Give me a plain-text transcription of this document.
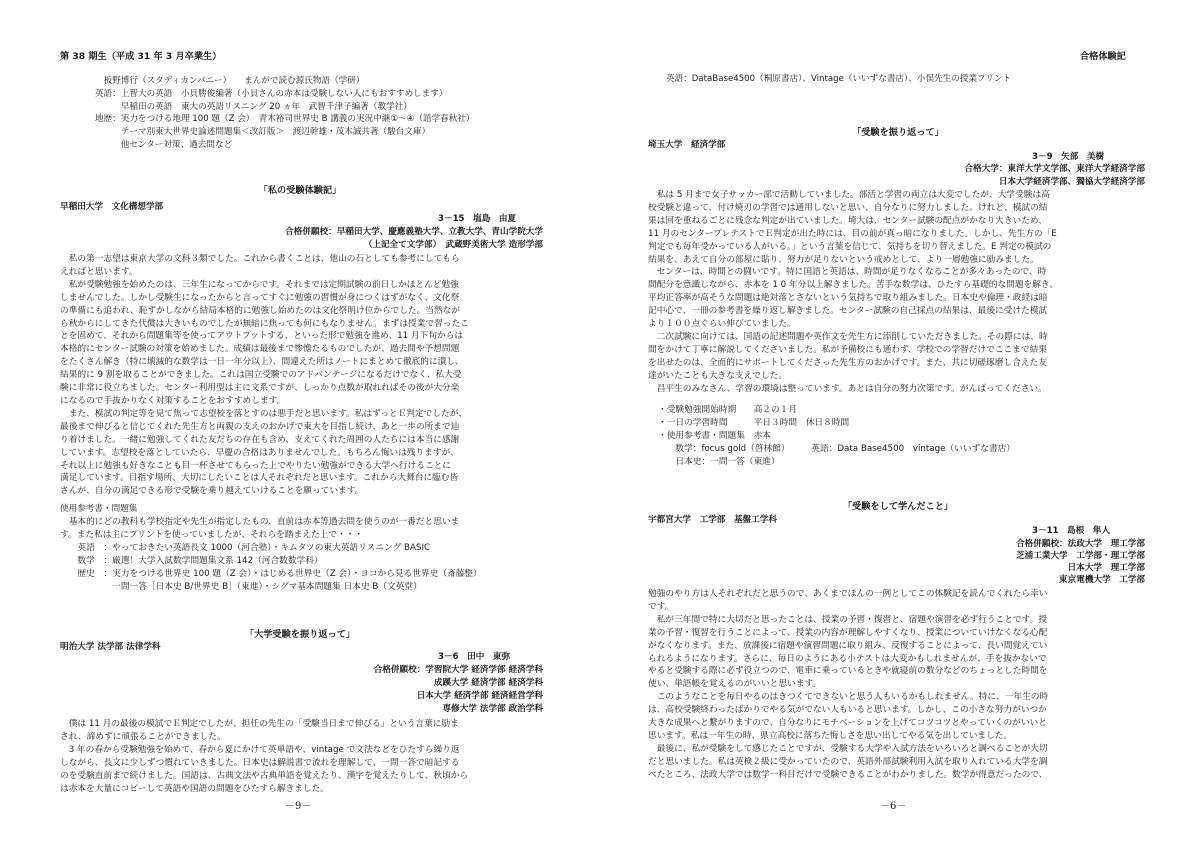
第 38 期生（平成 31 年 3 月卒業生）
　板野博行（スタディカンパニー）　　まんがで読む源氏物語（学研）
英語：上智大の英語　小貝勝俊編著（小貝さんの赤本は受験しない人にもおすすめします）
　　　早稲田の英語　東大の英語リスニング 20 ヵ年　武智千津子編著（教学社）
地歴：実力をつける地理 100 題（Z 会）　青木裕司世界史 B 講義の実況中継①～④（語学春秋社）
　　　テーマ別東大世界史論述問題集＜改訂版＞　渡辺幹雄・茂木誠共著（駿台文庫）
　　　他センター対策、過去問など
「私の受験体験記」
早稲田大学　文化構想学部
3－15　塩島　由夏
合格併願校：早稲田大学、慶應義塾大学、立教大学、青山学院大学
（上記全て文学部）　武蔵野美術大学 造形学部
　私の第一志望は東京大学の文科３類でした。これから書くことは、他山の石としても参考にしてもら
えればと思います。
　私が受験勉強を始めたのは、三年生になってからです。それまでは定期試験の前日しかほとんど勉強
しませんでした。しかし受験生になったからと言ってすぐに勉強の習慣が身につくはずがなく、文化祭
の準備にも追われ、恥ずかしながら結局本格的に勉強し始めたのは文化祭明け位からでした。当然なが
ら秋からにしてきた代償は大きいものでしたが無暗に焦っても何にもなりません。まずは授業で習ったこ
とを固めて、それから問題集等を使ってアウトプットする、といった形で勉強を進め、11 月下旬からは
本格的にセンター試験の対策を始めました。成績は最後まで惨憺たるものでしたが、過去問や予想問題
をたくさん解き（特に壊滅的な数学は一日一年分以上）、間違えた所はノートにまとめて徹底的に潰し、
結果的に 9 割を取ることができました。これは国立受験でのアドバンテージになるだけでなく、私大受
験に非常に役立ちました。センター利用型は主に文系ですが、しっかり点数が取れればその後が大分楽
になるので手抜かりなく対策することをおすすめします。
　また、模試の判定等を見て焦って志望校を落とすのは悪手だと思います。私はずっとＥ判定でしたが、
最後まで伸びると信じてくれた先生方と両親の支えのおかげで東大を目指し続け、あと一歩の所まで辿
り着けました。一緒に勉強してくれた友だちの存在も含め、支えてくれた周囲の人たちには本当に感謝
しています。志望校を落としていたら、早慶の合格はありませんでした。もちろん悔いは残りますが、
それ以上に勉強も好きなことも目一杯させてもらった上でやりたい勉強ができる大学へ行けることに
満足しています。目指す場所、大切にしたいことは人それぞれだと思います。これから大舞台に臨む皆
さんが、自分の満足できる形で受験を乗り越えていけることを願っています。
使用参考書・問題集
　基本的にどの教科も学校指定や先生が指定したもの、直前は赤本等過去問を使うのが一番だと思いま
す。また私は主にプリントを使っていましたが、それらを踏まえた上で・・・
　　英語　：やっておきたい英語長文 1000（河合塾）・キムタツの東大英語リスニング BASIC
　　数学　：厳選！大学入試数学問題集文系 142（河合数数学科）
　　歴史　：実力をつける世界史 100 題（Z 会）・はじめる世界史（Z 会）・ヨコから見る世界史（斎藤整）
　　　　　　一問一答［日本史 B/世界史 B］（東進）・シグマ基本問題集 日本史 B（文英堂）
「大学受験を振り返って」
明治大学 法学部 法律学科
3－6　田中　東弥
合格併願校：学習院大学 経済学部 経済学科
成蹊大学 経済学部 経済学科
日本大学 経済学部 経済経営学科
専修大学 法学部 政治学科
　僕は 11 月の最後の模試でＥ判定でしたが、担任の先生の「受験当日まで伸びる」という言葉に励ま
され、諦めずに頑張ることができました。
　3 年の春から受験勉強を始めて、春から夏にかけて英単語や、vintage で文法などをひたすら繰り返
しながら、長文に少しずつ慣れていきました。日本史は解説書で流れを理解して、一問一答で暗記する
のを受験直前まで続けました。国語は、古典文法や古典単語を覚えたり、漢字を覚えたりして、秋頃から
は赤本を大量にコピーして英語や国語の問題をひたすら解きました。
－9－
合格体験記
英語：DataBase4500（桐原書店）、Vintage（いいずな書店）、小俣先生の授業プリント
「受験を振り返って」
埼玉大学　経済学部
3－9　矢部　美樹
合格大学：東洋大学文学部、東洋大学経済学部
日本大学経済学部、獨協大学経済学部
　私は 5 月まで女子サッカー部で活動していました。部活と学習の両立は大変でしたが、大学受験は高
校受験と違って、付け焼刃の学習では通用しないと思い、自分なりに努力しました。けれど、模試の結
果は回を重ねるごとに残念な判定が出ていました。埼大は、センター試験の配点がかなり大きいため、
11 月のセンタープレテストでＥ判定が出た時には、目の前が真っ暗になりました。しかし、先生方の「E
判定でも毎年受かっている人がいる。」という言葉を信じて、気持ちを切り替えました。E 判定の模試の
結果を、あえて自分の部屋に貼り、努力が足りないという戒めとして、より一層勉強に励みました。
　センターは、時間との闘いです。特に国語と英語は、時間が足りなくなることが多々あったので、時
間配分を意識しながら、赤本を 1 0 年分以上解きました。苦手な数学は、ひたすら基礎的な問題を解き、
平均正答率が高そうな問題は絶対落とさないという気持ちで取り組みました。日本史や倫理・政経は暗
記中心で、一冊の参考書を繰り返し解きました。センター試験の自己採点の結果は、最後に受けた模試
より１００点ぐらい伸びていました。
　二次試験に向けては、国語の記述問題や英作文を先生方に添削していただきました。その際には、時
間をかけて丁寧に解説してくださいました。私が予備校にも通わず、学校での学習だけでここまで結果
を出せたのは、全面的にサポートしてくださった先生方のおかげです。また、共に切磋琢磨し合えた友
達がいたことも大きな支えでした。
　昌平生のみなさん、学習の環境は整っています。あとは自分の努力次第です。がんばってください。
・受験勉強開始時期　　高２の１月
・一日の学習時間　　　平日３時間　休日８時間
・使用参考書・問題集　赤本
　　数学：focus gold（啓林館）　　　英語：Data Base4500　vintage（いいずな書店）
　　日本史：一問一答（東進）
「受験をして学んだこと」
宇都宮大学　工学部　基盤工学科
3－11　島根　隼人
合格併願校：法政大学　理工学部
芝浦工業大学　工学部・理工学部
日本大学　理工学部
東京電機大学　工学部
勉強のやり方は人それぞれだと思うので、あくまでほんの一例としてこの体験記を読んでくれたら幸い
です。
　私が三年間で特に大切だと思ったことは、授業の予習・復習と、宿題や演習を必ず行うことです。授
業の予習・復習を行うことによって、授業の内容が理解しやすくなり、授業についていけなくなる心配
がなくなります。また、放課後に宿題や演習問題に取り組み、反復することによって、長い間覚えてい
られるようになります。さらに、毎日のようにある小テストは大変かもしれませんが、手を抜かないで
やると受験する際に必ず役立つので、電車に乗っているときや就寝前の数分などのちょっとした時間を
使い、単語帳を覚えるのがいいと思います。
　このようなことを毎日やるのはきつくてできないと思う人もいるかもしれません。特に、一年生の時
は、高校受験終わったばかりでやる気がでない人もいると思います。しかし、この小さな努力がいつか
大きな成果へと繋がりますので、自分なりにモチベーションを上げてコツコツとやっていくのがいいと
思います。私は一年生の時、県立高校に落ちた悔しさを思い出してやる気を出していました。
　最後に、私が受験をして感じたことですが、受験する大学や入試方法をいろいろと調べることが大切
だと思いました。私は英検２級に受かっていたので、英語外部試験利用入試を取り入れている大学を調
べたところ、法政大学では数学一科目だけで受験できることがわかりました。数学が得意だったので、
－6－
